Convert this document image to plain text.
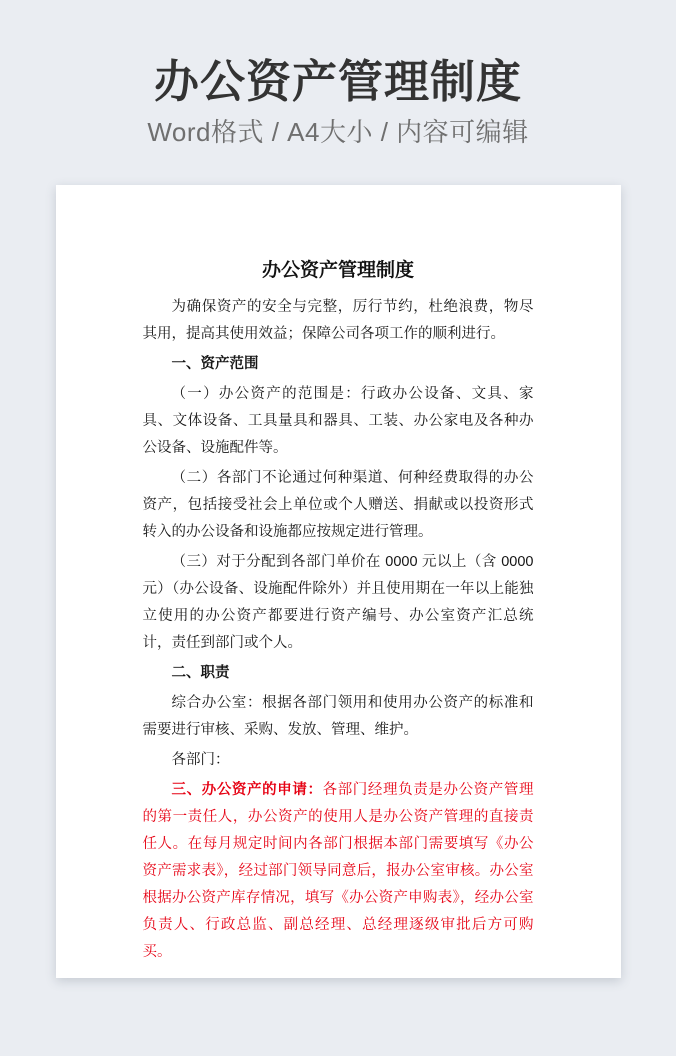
办公资产管理制度
Word格式 / A4大小 / 内容可编辑
办公资产管理制度

为确保资产的安全与完整，厉行节约，杜绝浪费，物尽其用，提高其使用效益；保障公司各项工作的顺利进行。

一、资产范围

（一）办公资产的范围是：行政办公设备、文具、家具、文体设备、工具量具和器具、工装、办公家电及各种办公设备、设施配件等。

（二）各部门不论通过何种渠道、何种经费取得的办公资产，包括接受社会上单位或个人赠送、捐献或以投资形式转入的办公设备和设施都应按规定进行管理。

（三）对于分配到各部门单价在 0000 元以上（含 0000 元）（办公设备、设施配件除外）并且使用期在一年以上能独立使用的办公资产都要进行资产编号、办公室资产汇总统计，责任到部门或个人。

二、职责

综合办公室：根据各部门领用和使用办公资产的标准和需要进行审核、采购、发放、管理、维护。

各部门：

三、办公资产的申请：各部门经理负责是办公资产管理的第一责任人，办公资产的使用人是办公资产管理的直接责任人。在每月规定时间内各部门根据本部门需要填写《办公资产需求表》，经过部门领导同意后，报办公室审核。办公室根据办公资产库存情况，填写《办公资产申购表》，经办公室负责人、行政总监、副总经理、总经理逐级审批后方可购买。
